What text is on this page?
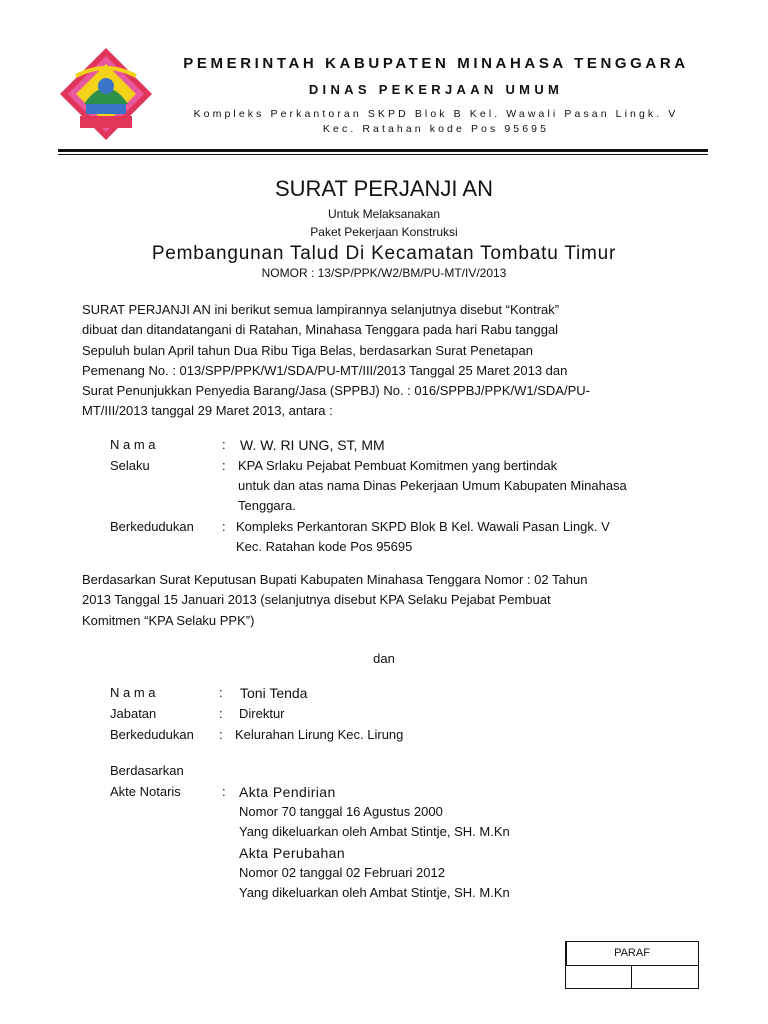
PEMERINTAH KABUPATEN MINAHASA TENGGARA
DINAS PEKERJAAN UMUM
Kompleks Perkantoran SKPD Blok B Kel. Wawali Pasan Lingk. V
Kec. Ratahan kode Pos 95695
SURAT PERJANJI AN
Untuk Melaksanakan
Paket Pekerjaan Konstruksi
Pembangunan Talud Di Kecamatan Tombatu Timur
NOMOR : 13/SP/PPK/W2/BM/PU-MT/IV/2013
SURAT PERJANJI AN ini berikut semua lampirannya selanjutnya disebut “Kontrak”
dibuat dan ditandatangani di Ratahan, Minahasa Tenggara pada hari Rabu tanggal
Sepuluh bulan April tahun Dua Ribu Tiga Belas, berdasarkan Surat Penetapan
Pemenang No. : 013/SPP/PPK/W1/SDA/PU-MT/III/2013 Tanggal 25 Maret 2013 dan
Surat Penunjukkan Penyedia Barang/Jasa (SPPBJ) No. : 016/SPPBJ/PPK/W1/SDA/PU-
MT/III/2013 tanggal 29 Maret 2013, antara :
N a m a	: W. W. RI UNG, ST, MM
Selaku	: KPA Srlaku Pejabat Pembuat Komitmen yang bertindak
untuk dan atas nama Dinas Pekerjaan Umum Kabupaten Minahasa
Tenggara.
Berkedudukan : Kompleks Perkantoran SKPD Blok B Kel. Wawali Pasan Lingk. V
Kec. Ratahan kode Pos 95695
Berdasarkan Surat Keputusan Bupati Kabupaten Minahasa Tenggara Nomor : 02 Tahun
2013 Tanggal 15 Januari 2013 (selanjutnya disebut KPA Selaku Pejabat Pembuat
Komitmen “KPA Selaku PPK”)
dan
N a m a	: Toni Tenda
Jabatan	: Direktur
Berkedudukan : Kelurahan Lirung Kec. Lirung
Berdasarkan
Akte Notaris	: Akta Pendirian
Nomor 70 tanggal 16 Agustus 2000
Yang dikeluarkan oleh Ambat Stintje, SH. M.Kn
Akta Perubahan
Nomor 02 tanggal 02 Februari 2012
Yang dikeluarkan oleh Ambat Stintje, SH. M.Kn
PARAF
